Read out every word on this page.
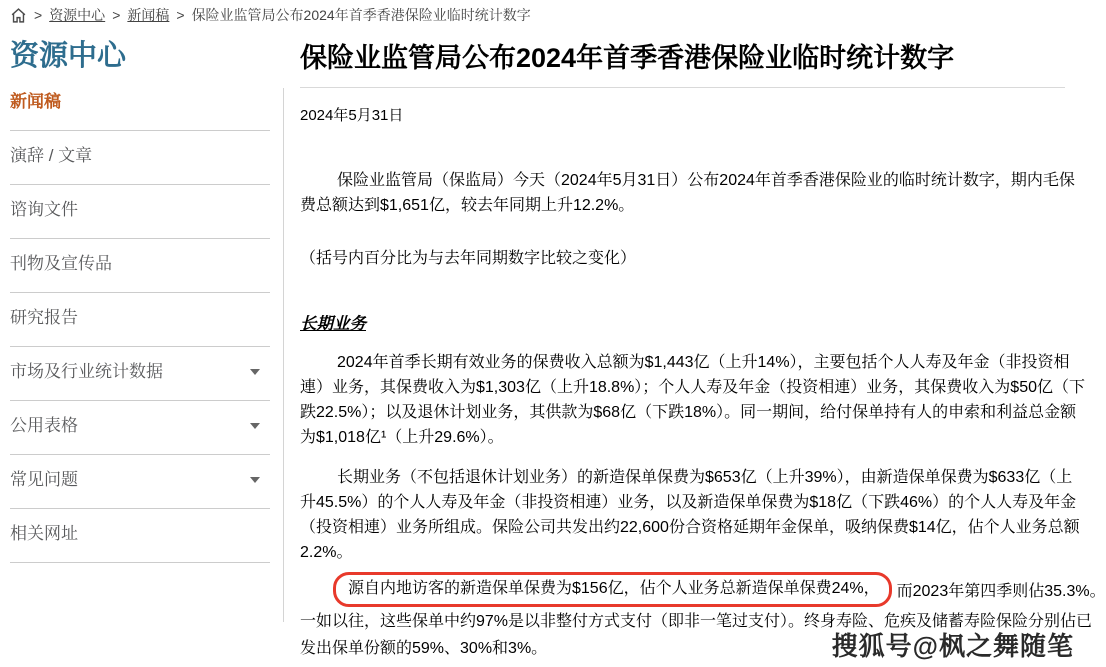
> 资源中心 > 新闻稿 > 保险业监管局公布2024年首季香港保险业临时统计数字
资源中心
新闻稿
演辞 / 文章
谘询文件
刊物及宣传品
研究报告
市场及行业统计数据
公用表格
常见问题
相关网址
保险业监管局公布2024年首季香港保险业临时统计数字
2024年5月31日
保险业监管局（保监局）今天（2024年5月31日）公布2024年首季香港保险业的临时统计数字，期内毛保
费总额达到$1,651亿，较去年同期上升12.2%。
（括号内百分比为与去年同期数字比较之变化）
长期业务
2024年首季长期有效业务的保费收入总额为$1,443亿（上升14%），主要包括个人人寿及年金（非投资相
連）业务，其保费收入为$1,303亿（上升18.8%）；个人人寿及年金（投资相連）业务，其保费收入为$50亿（下
跌22.5%）；以及退休计划业务，其供款为$68亿（下跌18%）。同一期间，给付保单持有人的申索和利益总金额
为$1,018亿¹（上升29.6%）。
长期业务（不包括退休计划业务）的新造保单保费为$653亿（上升39%），由新造保单保费为$633亿（上
升45.5%）的个人人寿及年金（非投资相連）业务，以及新造保单保费为$18亿（下跌46%）的个人人寿及年金
（投资相連）业务所组成。保险公司共发出约22,600份合资格延期年金保单，吸纳保费$14亿，佔个人业务总额
2.2%。
源自内地访客的新造保单保费为$156亿，佔个人业务总新造保单保费24%，	而2023年第四季则佔35.3%。
一如以往，这些保单中约97%是以非整付方式支付（即非一笔过支付）。终身寿险、危疾及储蓄寿险保险分别佔已
发出保单份额的59%、30%和3%。	搜狐号@枫之舞随笔
